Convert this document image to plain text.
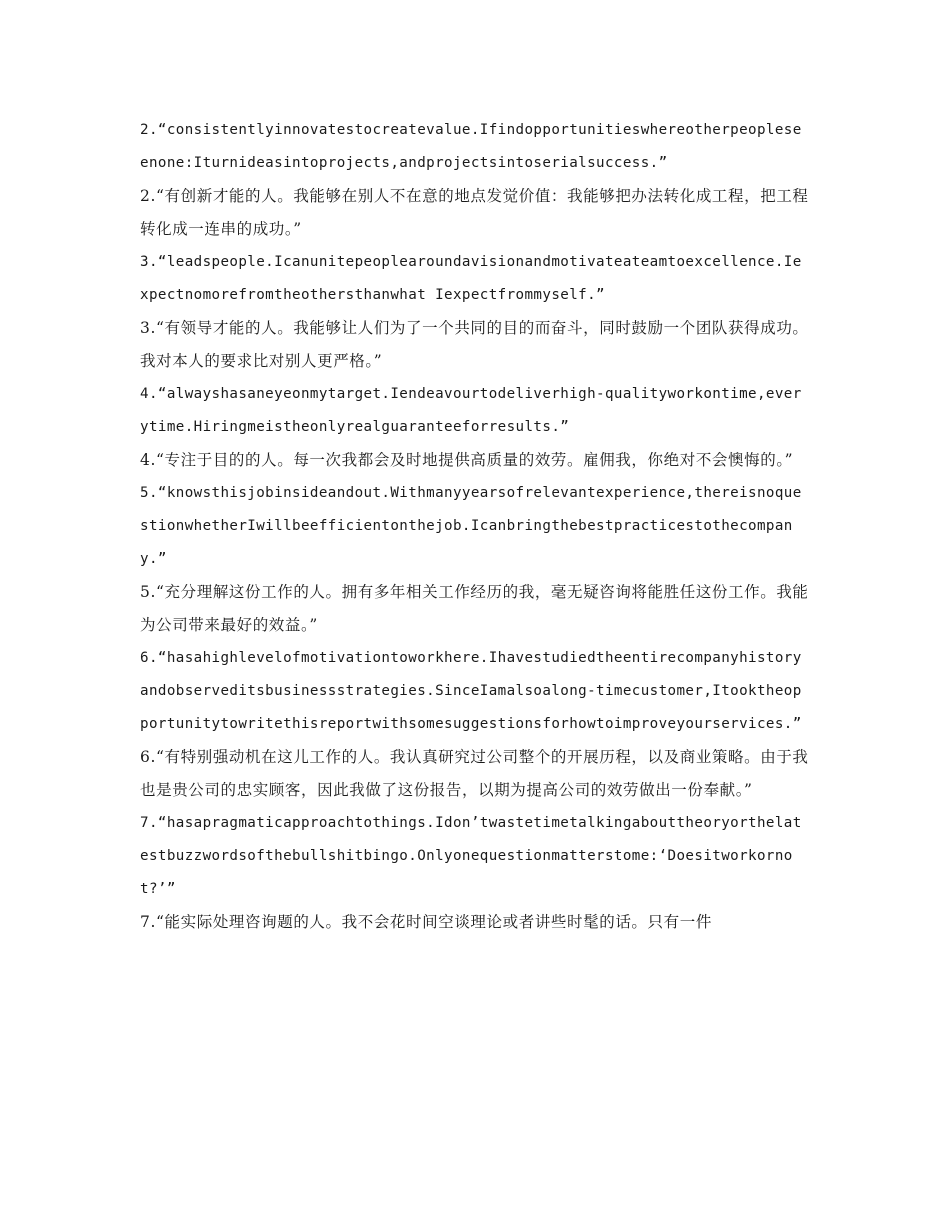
2.“consistentlyinnovatestocreatevalue.Ifindopportunitieswhereotherpeopleseenone:Iturnideasintoprojects,andprojectsintoserialsuccess.”

2.“有创新才能的人。我能够在别人不在意的地点发觉价值：我能够把办法转化成工程，把工程转化成一连串的成功。”

3.“leadspeople.Icanunitepeoplearoundavisionandmotivateateamtoexcellence.Iexpectnomorefromtheothersthanwhat Iexpectfrommyself.”

3.“有领导才能的人。我能够让人们为了一个共同的目的而奋斗，同时鼓励一个团队获得成功。我对本人的要求比对别人更严格。”

4.“alwayshasaneyeonmytarget.Iendeavourtodeliverhigh-qualityworkontime,everytime.Hiringmeistheonlyrealguaranteeforresults.”

4.“专注于目的的人。每一次我都会及时地提供高质量的效劳。雇佣我，你绝对不会懊悔的。”

5.“knowsthisjobinsideandout.Withmanyyearsofrelevantexperience,thereisnoquestionwhetherIwillbeefficientonthejob.Icanbringthebestpracticestothecompany.”

5.“充分理解这份工作的人。拥有多年相关工作经历的我，毫无疑咨询将能胜任这份工作。我能为公司带来最好的效益。”

6.“hasahighlevelofmotivationtoworkhere.Ihavestudiedtheentirecompanyhistoryandobserveditsbusinessstrategies.SinceIamalsoalong-timecustomer,Itooktheopportunitytowritethisreportwithsomesuggestionsforhowtoimproveyourservices.”

6.“有特别强动机在这儿工作的人。我认真研究过公司整个的开展历程，以及商业策略。由于我也是贵公司的忠实顾客，因此我做了这份报告，以期为提高公司的效劳做出一份奉献。”

7.“hasapragmaticapproachtothings.Idon’twastetimetalkingabouttheoryorthelatestbuzzwordsofthebullshitbingo.Onlyonequestionmatterstome:‘Doesitworkornot?’”

7.“能实际处理咨询题的人。我不会花时间空谈理论或者讲些时髦的话。只有一件
